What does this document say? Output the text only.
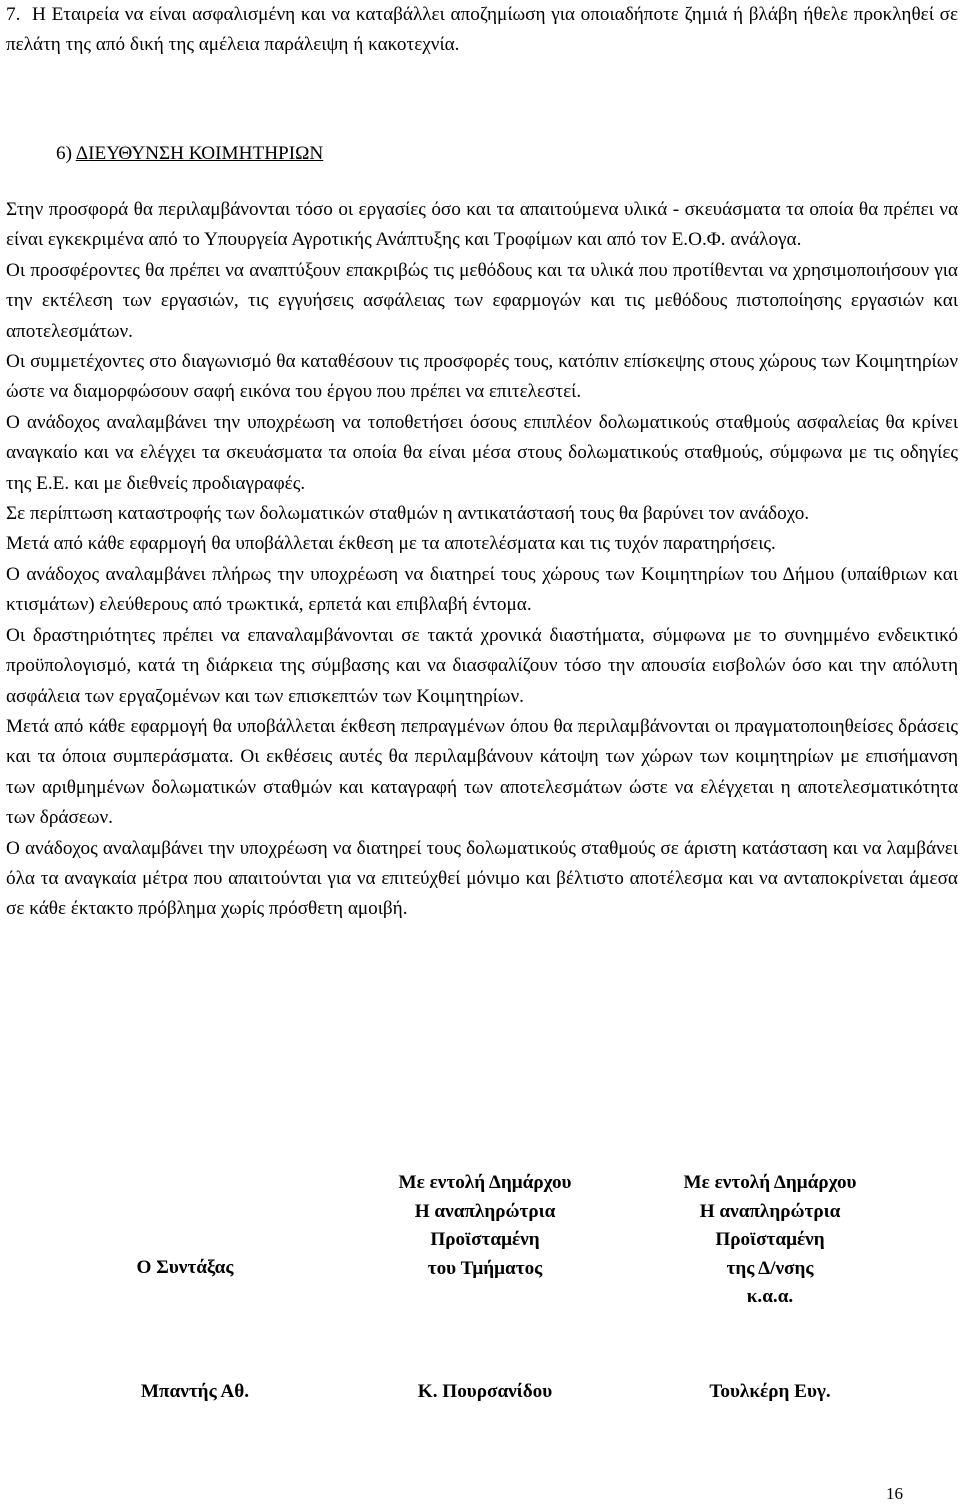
7. Η Εταιρεία να είναι ασφαλισμένη και να καταβάλλει αποζημίωση για οποιαδήποτε ζημιά ή βλάβη ήθελε προκληθεί σε πελάτη της από δική της αμέλεια παράλειψη ή κακοτεχνία.

6) ΔΙΕΥΘΥΝΣΗ ΚΟΙΜΗΤΗΡΙΩΝ

Στην προσφορά θα περιλαμβάνονται τόσο οι εργασίες όσο και τα απαιτούμενα υλικά - σκευάσματα τα οποία θα πρέπει να είναι εγκεκριμένα από το Υπουργεία Αγροτικής Ανάπτυξης και Τροφίμων και από τον Ε.Ο.Φ. ανάλογα.

Οι προσφέροντες θα πρέπει να αναπτύξουν επακριβώς τις μεθόδους και τα υλικά που προτίθενται να χρησιμοποιήσουν για την εκτέλεση των εργασιών, τις εγγυήσεις ασφάλειας των εφαρμογών και τις μεθόδους πιστοποίησης εργασιών και αποτελεσμάτων.

Οι συμμετέχοντες στο διαγωνισμό θα καταθέσουν τις προσφορές τους, κατόπιν επίσκεψης στους χώρους των Κοιμητηρίων ώστε να διαμορφώσουν σαφή εικόνα του έργου που πρέπει να επιτελεστεί.

Ο ανάδοχος αναλαμβάνει την υποχρέωση να τοποθετήσει όσους επιπλέον δολωματικούς σταθμούς ασφαλείας θα κρίνει αναγκαίο και να ελέγχει τα σκευάσματα τα οποία θα είναι μέσα στους δολωματικούς σταθμούς, σύμφωνα με τις οδηγίες της Ε.Ε. και με διεθνείς προδιαγραφές.

Σε περίπτωση καταστροφής των δολωματικών σταθμών η αντικατάστασή τους θα βαρύνει τον ανάδοχο.

Μετά από κάθε εφαρμογή θα υποβάλλεται έκθεση με τα αποτελέσματα και τις τυχόν παρατηρήσεις.

Ο ανάδοχος αναλαμβάνει πλήρως την υποχρέωση να διατηρεί τους χώρους των Κοιμητηρίων του Δήμου (υπαίθριων και κτισμάτων) ελεύθερους από τρωκτικά, ερπετά και επιβλαβή έντομα.

Οι δραστηριότητες πρέπει να επαναλαμβάνονται σε τακτά χρονικά διαστήματα, σύμφωνα με το συνημμένο ενδεικτικό προϋπολογισμό, κατά τη διάρκεια της σύμβασης και να διασφαλίζουν τόσο την απουσία εισβολών όσο και την απόλυτη ασφάλεια των εργαζομένων και των επισκεπτών των Κοιμητηρίων.

Μετά από κάθε εφαρμογή θα υποβάλλεται έκθεση πεπραγμένων όπου θα περιλαμβάνονται οι πραγματοποιηθείσες δράσεις και τα όποια συμπεράσματα. Οι εκθέσεις αυτές θα περιλαμβάνουν κάτοψη των χώρων των κοιμητηρίων με επισήμανση των αριθμημένων δολωματικών σταθμών και καταγραφή των αποτελεσμάτων ώστε να ελέγχεται η αποτελεσματικότητα των δράσεων.

Ο ανάδοχος αναλαμβάνει την υποχρέωση να διατηρεί τους δολωματικούς σταθμούς σε άριστη κατάσταση και να λαμβάνει όλα τα αναγκαία μέτρα που απαιτούνται για να επιτεύχθεί μόνιμο και βέλτιστο αποτέλεσμα και να ανταποκρίνεται άμεσα σε κάθε έκτακτο πρόβλημα χωρίς πρόσθετη αμοιβή.

Ο Συντάξας
Με εντολή Δημάρχου
Η αναπληρώτρια
Προϊσταμένη
του Τμήματος
Με εντολή Δημάρχου
Η αναπληρώτρια
Προϊσταμένη
της Δ/νσης
κ.α.α.
Μπαντής Αθ.	Κ. Πουρσανίδου	Τουλκέρη Ευγ.
16
